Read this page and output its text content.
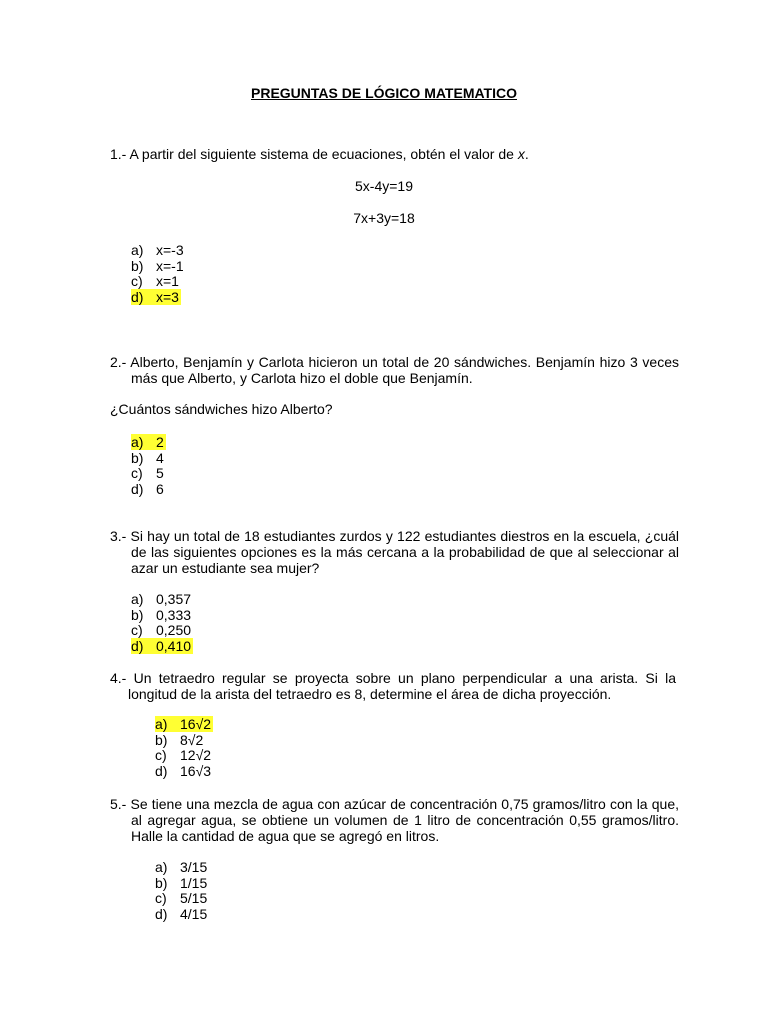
PREGUNTAS DE LÓGICO MATEMATICO
1.- A partir del siguiente sistema de ecuaciones, obtén el valor de x.
5x-4y=19
7x+3y=18
a) x=-3
b) x=-1
c) x=1
d) x=3
2.- Alberto, Benjamín y Carlota hicieron un total de 20 sándwiches. Benjamín hizo 3 veces más que Alberto, y Carlota hizo el doble que Benjamín.
¿Cuántos sándwiches hizo Alberto?
a) 2
b) 4
c) 5
d) 6
3.- Si hay un total de 18 estudiantes zurdos y 122 estudiantes diestros en la escuela, ¿cuál de las siguientes opciones es la más cercana a la probabilidad de que al seleccionar al azar un estudiante sea mujer?
a) 0,357
b) 0,333
c) 0,250
d) 0,410
4.- Un tetraedro regular se proyecta sobre un plano perpendicular a una arista. Si la longitud de la arista del tetraedro es 8, determine el área de dicha proyección.
a) 16√2
b) 8√2
c) 12√2
d) 16√3
5.- Se tiene una mezcla de agua con azúcar de concentración 0,75 gramos/litro con la que, al agregar agua, se obtiene un volumen de 1 litro de concentración 0,55 gramos/litro. Halle la cantidad de agua que se agregó en litros.
a) 3/15
b) 1/15
c) 5/15
d) 4/15
